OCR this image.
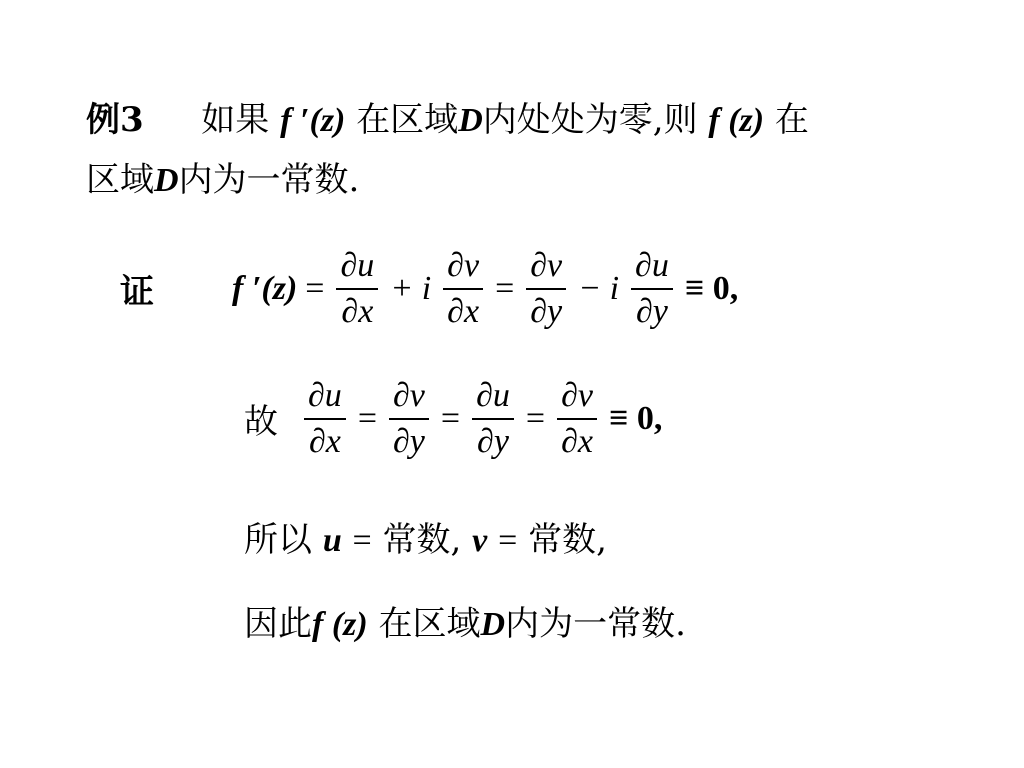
例3 如果 f ′(z) 在区域D内处处为零,则 f (z) 在
区域D内为一常数.
证 f $'(z) = \frac{\partial u}{\partial x} + i \frac{\partial v}{\partial x} = \frac{\partial v}{\partial y} - i \frac{\partial u}{\partial y} \equiv 0$,
故 $\frac{\partial u}{\partial x} = \frac{\partial v}{\partial y} = \frac{\partial u}{\partial y} = \frac{\partial v}{\partial x} \equiv 0$,
所以 u = 常数, v = 常数,
因此f (z) 在区域D内为一常数.
